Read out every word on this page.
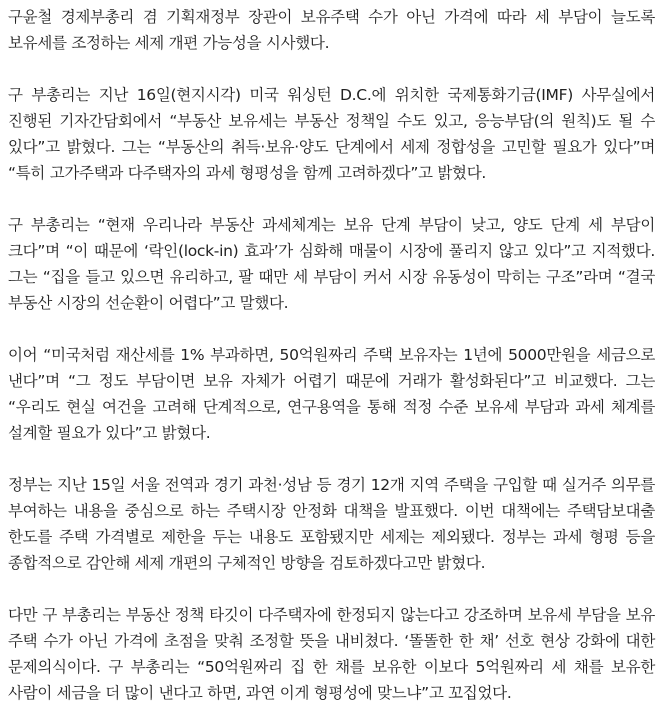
구윤철 경제부총리 겸 기획재정부 장관이 보유주택 수가 아닌 가격에 따라 세 부담이 늘도록 보유세를 조정하는 세제 개편 가능성을 시사했다.

구 부총리는 지난 16일(현지시각) 미국 워싱턴 D.C.에 위치한 국제통화기금(IMF) 사무실에서 진행된 기자간담회에서 “부동산 보유세는 부동산 정책일 수도 있고, 응능부담(의 원칙)도 될 수 있다”고 밝혔다. 그는 “부동산의 취득·보유·양도 단계에서 세제 정합성을 고민할 필요가 있다”며 “특히 고가주택과 다주택자의 과세 형평성을 함께 고려하겠다”고 밝혔다.

구 부총리는 “현재 우리나라 부동산 과세체계는 보유 단계 부담이 낮고, 양도 단계 세 부담이 크다”며 “이 때문에 ‘락인(lock-in) 효과’가 심화해 매물이 시장에 풀리지 않고 있다”고 지적했다. 그는 “집을 들고 있으면 유리하고, 팔 때만 세 부담이 커서 시장 유동성이 막히는 구조”라며 “결국 부동산 시장의 선순환이 어렵다”고 말했다.

이어 “미국처럼 재산세를 1% 부과하면, 50억원짜리 주택 보유자는 1년에 5000만원을 세금으로 낸다”며 “그 정도 부담이면 보유 자체가 어렵기 때문에 거래가 활성화된다”고 비교했다. 그는 “우리도 현실 여건을 고려해 단계적으로, 연구용역을 통해 적정 수준 보유세 부담과 과세 체계를 설계할 필요가 있다”고 밝혔다.

정부는 지난 15일 서울 전역과 경기 과천·성남 등 경기 12개 지역 주택을 구입할 때 실거주 의무를 부여하는 내용을 중심으로 하는 주택시장 안정화 대책을 발표했다. 이번 대책에는 주택담보대출 한도를 주택 가격별로 제한을 두는 내용도 포함됐지만 세제는 제외됐다. 정부는 과세 형평 등을 종합적으로 감안해 세제 개편의 구체적인 방향을 검토하겠다고만 밝혔다.

다만 구 부총리는 부동산 정책 타깃이 다주택자에 한정되지 않는다고 강조하며 보유세 부담을 보유 주택 수가 아닌 가격에 초점을 맞춰 조정할 뜻을 내비쳤다. ‘똘똘한 한 채’ 선호 현상 강화에 대한 문제의식이다. 구 부총리는 “50억원짜리 집 한 채를 보유한 이보다 5억원짜리 세 채를 보유한 사람이 세금을 더 많이 낸다고 하면, 과연 이게 형평성에 맞느냐”고 꼬집었다.
